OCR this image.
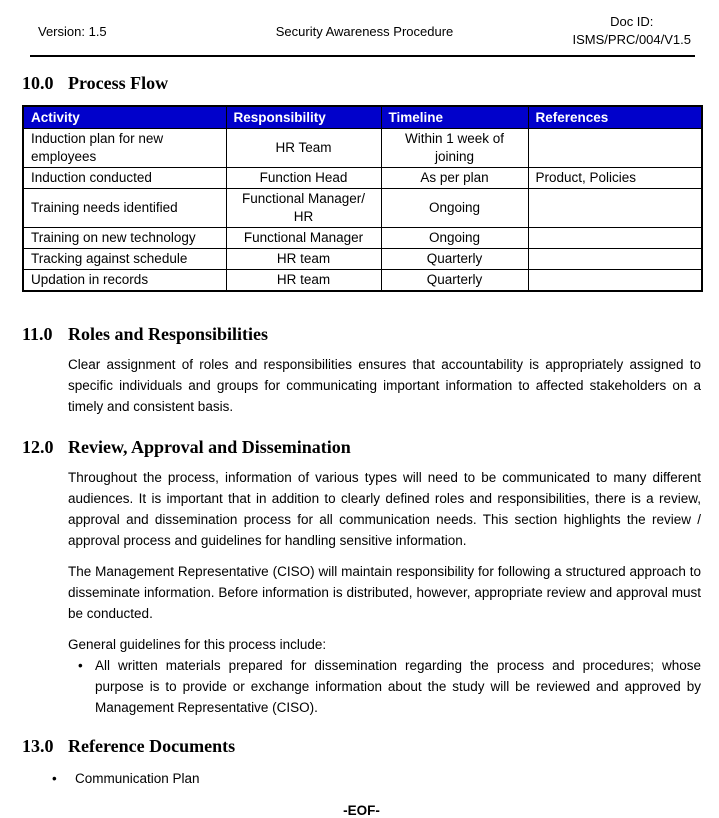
Version: 1.5	Security Awareness Procedure
Doc ID:
ISMS/PRC/004/V1.5
10.0 Process Flow
Activity	Responsibility	Timeline	References
Induction plan for new employees	HR Team	Within 1 week of joining	
Induction conducted	Function Head	As per plan	Product, Policies
Training needs identified	Functional Manager/ HR	Ongoing	
Training on new technology	Functional Manager	Ongoing	
Tracking against schedule	HR team	Quarterly	
Updation in records	HR team	Quarterly	
11.0 Roles and Responsibilities

Clear assignment of roles and responsibilities ensures that accountability is appropriately assigned to specific individuals and groups for communicating important information to affected stakeholders on a timely and consistent basis.

12.0 Review, Approval and Dissemination

Throughout the process, information of various types will need to be communicated to many different audiences. It is important that in addition to clearly defined roles and responsibilities, there is a review, approval and dissemination process for all communication needs. This section highlights the review / approval process and guidelines for handling sensitive information.

The Management Representative (CISO) will maintain responsibility for following a structured approach to disseminate information. Before information is distributed, however, appropriate review and approval must be conducted.

General guidelines for this process include:

• All written materials prepared for dissemination regarding the process and procedures; whose purpose is to provide or exchange information about the study will be reviewed and approved by Management Representative (CISO).
13.0 Reference Documents
•	Communication Plan
-EOF-
